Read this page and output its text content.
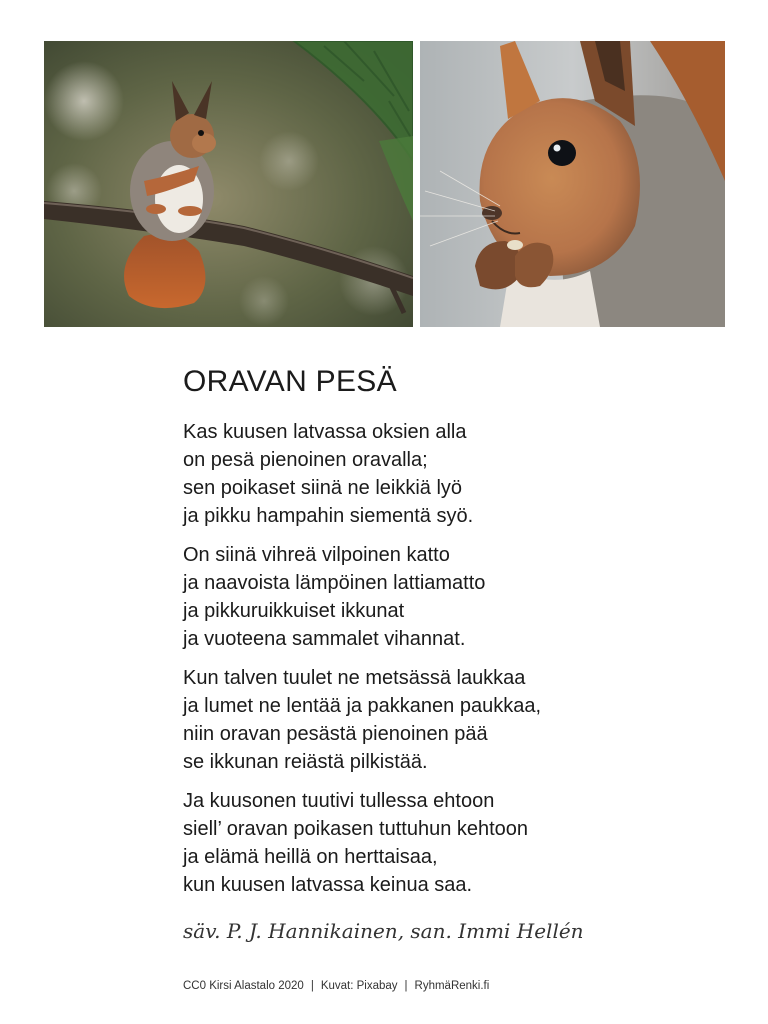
ORAVAN PESÄ
Kas kuusen latvassa oksien alla
on pesä pienoinen oravalla;
sen poikaset siinä ne leikkiä lyö
ja pikku hampahin siementä syö.
On siinä vihreä vilpoinen katto
ja naavoista lämpöinen lattiamatto
ja pikkuruikkuiset ikkunat
ja vuoteena sammalet vihannat.
Kun talven tuulet ne metsässä laukkaa
ja lumet ne lentää ja pakkanen paukkaa,
niin oravan pesästä pienoinen pää
se ikkunan reiästä pilkistää.
Ja kuusonen tuutivi tullessa ehtoon
siell’ oravan poikasen tuttuhun kehtoon
ja elämä heillä on herttaisaa,
kun kuusen latvassa keinua saa.
säv. P. J. Hannikainen, san. Immi Hellén
CC0 Kirsi Alastalo 2020 | Kuvat: Pixabay | RyhmäRenki.fi
